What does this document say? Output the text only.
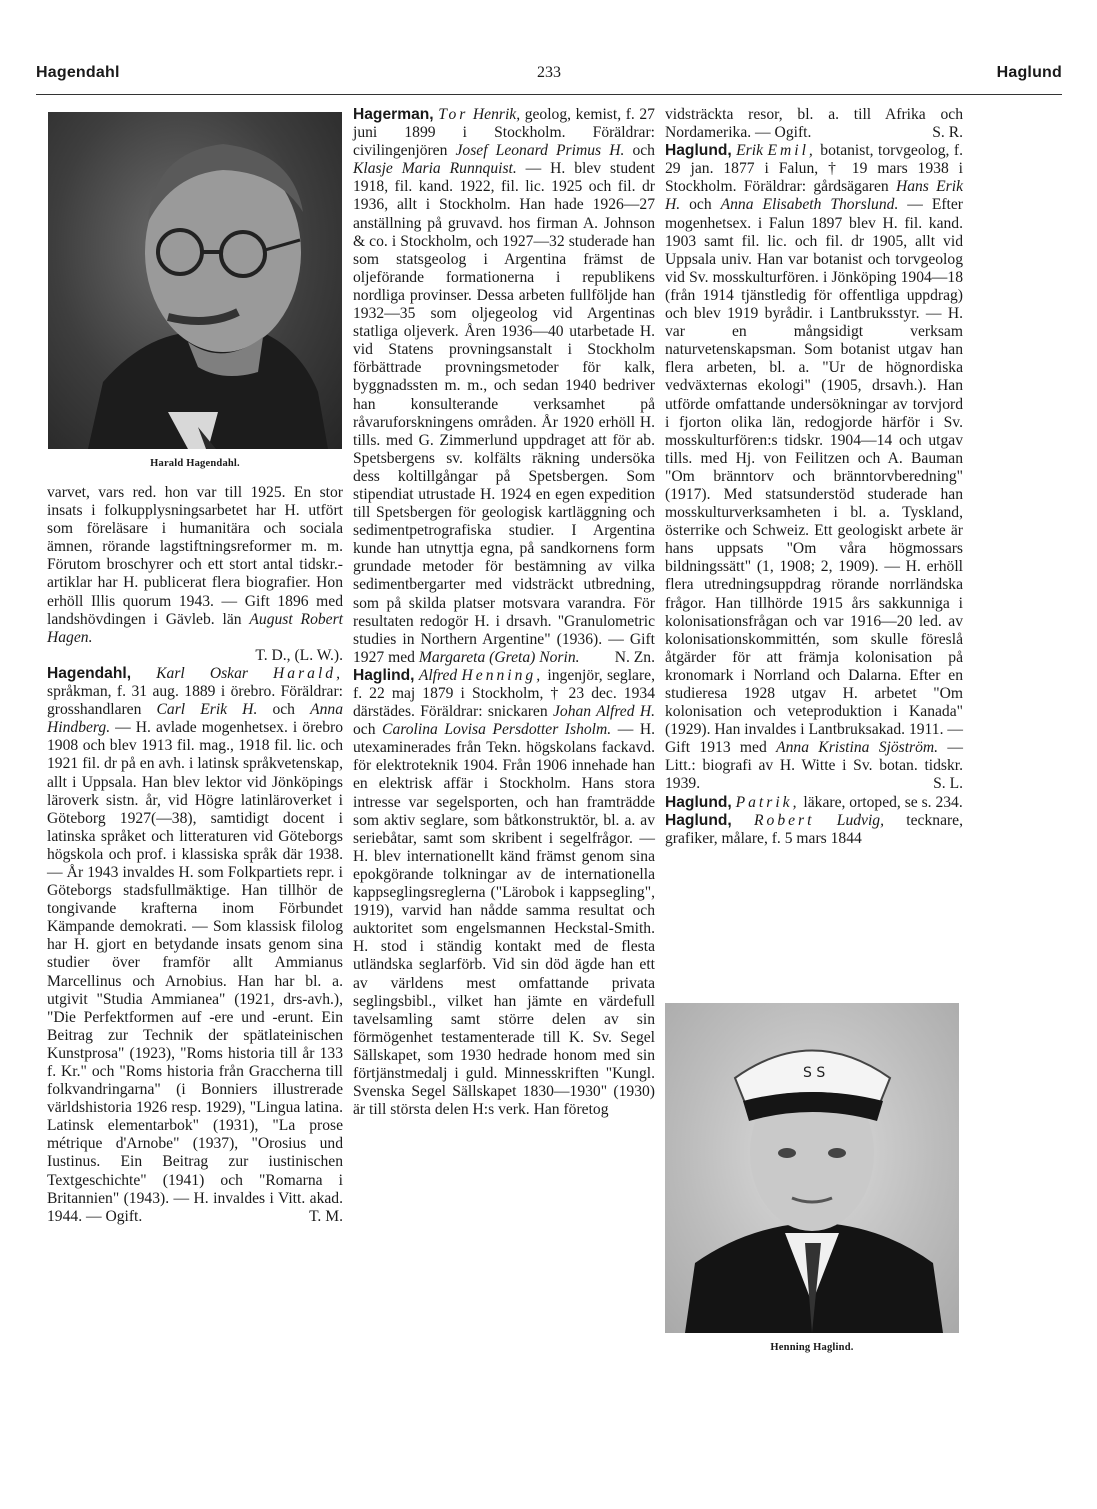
Hagendahl	233	Haglund
Harald Hagendahl.

varvet, vars red. hon var till 1925. En stor insats i folkupplysningsarbetet har H. utfört som föreläsare i humanitära och sociala ämnen, rörande lagstiftningsreformer m. m. Förutom broschyrer och ett stort antal tidskr.-artiklar har H. publicerat flera biografier. Hon erhöll Illis quorum 1943. — Gift 1896 med landshövdingen i Gävleb. län August Robert Hagen.
T. D., (L. W.).

Hagendahl, Karl Oskar Harald, språkman, f. 31 aug. 1889 i örebro. Föräldrar: grosshandlaren Carl Erik H. och Anna Hindberg. — H. avlade mogenhetsex. i örebro 1908 och blev 1913 fil. mag., 1918 fil. lic. och 1921 fil. dr på en avh. i latinsk språkvetenskap, allt i Uppsala. Han blev lektor vid Jönköpings läroverk sistn. år, vid Högre latinläroverket i Göteborg 1927(—38), samtidigt docent i latinska språket och litteraturen vid Göteborgs högskola och prof. i klassiska språk där 1938. — År 1943 invaldes H. som Folkpartiets repr. i Göteborgs stadsfullmäktige. Han tillhör de tongivande krafterna inom Förbundet Kämpande demokrati. — Som klassisk filolog har H. gjort en betydande insats genom sina studier över framför allt Ammianus Marcellinus och Arnobius. Han har bl. a. utgivit "Studia Ammianea" (1921, drs-avh.), "Die Perfektformen auf -ere und -erunt. Ein Beitrag zur Technik der spätlateinischen Kunstprosa" (1923), "Roms historia till år 133 f. Kr." och "Roms historia från Graccherna till folkvandringarna" (i Bonniers illustrerade världshistoria 1926 resp. 1929), "Lingua latina. Latinsk elementarbok" (1931), "La prose métrique d'Arnobe" (1937), "Orosius und Iustinus. Ein Beitrag zur iustinischen Textgeschichte" (1941) och "Romarna i Britannien" (1943). — H. invaldes i Vitt. akad. 1944. — Ogift.	T. M.

Hagerman, Tor Henrik, geolog, kemist, f. 27 juni 1899 i Stockholm. Föräldrar: civilingenjören Josef Leonard Primus H. och Klasje Maria Runnquist. — H. blev student 1918, fil. kand. 1922, fil. lic. 1925 och fil. dr 1936, allt i Stockholm. Han hade 1926—27 anställning på gruvavd. hos firman A. Johnson & co. i Stockholm, och 1927—32 studerade han som statsgeolog i Argentina främst de oljeförande formationerna i republikens nordliga provinser. Dessa arbeten fullföljde han 1932—35 som oljegeolog vid Argentinas statliga oljeverk. Åren 1936—40 utarbetade H. vid Statens provningsanstalt i Stockholm förbättrade provningsmetoder för kalk, byggnadssten m. m., och sedan 1940 bedriver han konsulterande verksamhet på råvaruforskningens områden. År 1920 erhöll H. tills. med G. Zimmerlund uppdraget att för ab. Spetsbergens sv. kolfälts räkning undersöka dess koltillgångar på Spetsbergen. Som stipendiat utrustade H. 1924 en egen expedition till Spetsbergen för geologisk kartläggning och sedimentpetrografiska studier. I Argentina kunde han utnyttja egna, på sandkornens form grundade metoder för bestämning av vilka sedimentbergarter med vidsträckt utbredning, som på skilda platser motsvara varandra. För resultaten redogör H. i drsavh. "Granulometric studies in Northern Argentine" (1936). — Gift 1927 med Margareta (Greta) Norin. N. Zn.

Haglind, Alfred Henning, ingenjör, seglare, f. 22 maj 1879 i Stockholm, † 23 dec. 1934 därstädes. Föräldrar: snickaren Johan Alfred H. och Carolina Lovisa Persdotter Isholm. — H. utexaminerades från Tekn. högskolans fackavd. för elektroteknik 1904. Från 1906 innehade han en elektrisk affär i Stockholm. Hans stora intresse var segelsporten, och han framträdde som aktiv seglare, som båtkonstruktör, bl. a. av seriebåtar, samt som skribent i segelfrågor. — H. blev internationellt känd främst genom sina epokgörande tolkningar av de internationella kappseglingsreglerna ("Lärobok i kappsegling", 1919), varvid han nådde samma resultat och auktoritet som engelsmannen Heckstal-Smith. H. stod i ständig kontakt med de flesta utländska seglarförb. Vid sin död ägde han ett av världens mest omfattande privata seglingsbibl., vilket han jämte en värdefull tavelsamling samt större delen av sin förmögenhet testamenterade till K. Sv. Segel Sällskapet, som 1930 hedrade honom med sin förtjänstmedalj i guld. Minnesskriften "Kungl. Svenska Segel Sällskapet 1830—1930" (1930) är till största delen H:s verk. Han företog

vidsträckta resor, bl. a. till Afrika och Nordamerika. — Ogift.	S. R.

Haglund, Erik Emil, botanist, torvgeolog, f. 29 jan. 1877 i Falun, † 19 mars 1938 i Stockholm. Föräldrar: gårdsägaren Hans Erik H. och Anna Elisabeth Thorslund. — Efter mogenhetsex. i Falun 1897 blev H. fil. kand. 1903 samt fil. lic. och fil. dr 1905, allt vid Uppsala univ. Han var botanist och torvgeolog vid Sv. mosskulturfören. i Jönköping 1904—18 (från 1914 tjänstledig för offentliga uppdrag) och blev 1919 byrådir. i Lantbruksstyr. — H. var en mångsidigt verksam naturvetenskapsman. Som botanist utgav han flera arbeten, bl. a. "Ur de högnordiska vedväxternas ekologi" (1905, drsavh.). Han utförde omfattande undersökningar av torvjord i fjorton olika län, redogjorde härför i Sv. mosskulturfören:s tidskr. 1904—14 och utgav tills. med Hj. von Feilitzen och A. Bauman "Om bränntorv och bränntorvberedning" (1917). Med statsunderstöd studerade han mosskulturverksamheten i bl. a. Tyskland, österrike och Schweiz. Ett geologiskt arbete är hans uppsats "Om våra högmossars bildningssätt" (1, 1908; 2, 1909). — H. erhöll flera utredningsuppdrag rörande norrländska frågor. Han tillhörde 1915 års sakkunniga i kolonisationsfrågan och var 1916—20 led. av kolonisationskommittén, som skulle föreslå åtgärder för att främja kolonisation på kronomark i Norrland och Dalarna. Efter en studieresa 1928 utgav H. arbetet "Om kolonisation och veteproduktion i Kanada" (1929). Han invaldes i Lantbruksakad. 1911. — Gift 1913 med Anna Kristina Sjöström. — Litt.: biografi av H. Witte i Sv. botan. tidskr. 1939.	S. L.

Haglund, Patrik, läkare, ortoped, se s. 234.

Haglund, Robert Ludvig, tecknare, grafiker, målare, f. 5 mars 1844

S S
Henning Haglind.
